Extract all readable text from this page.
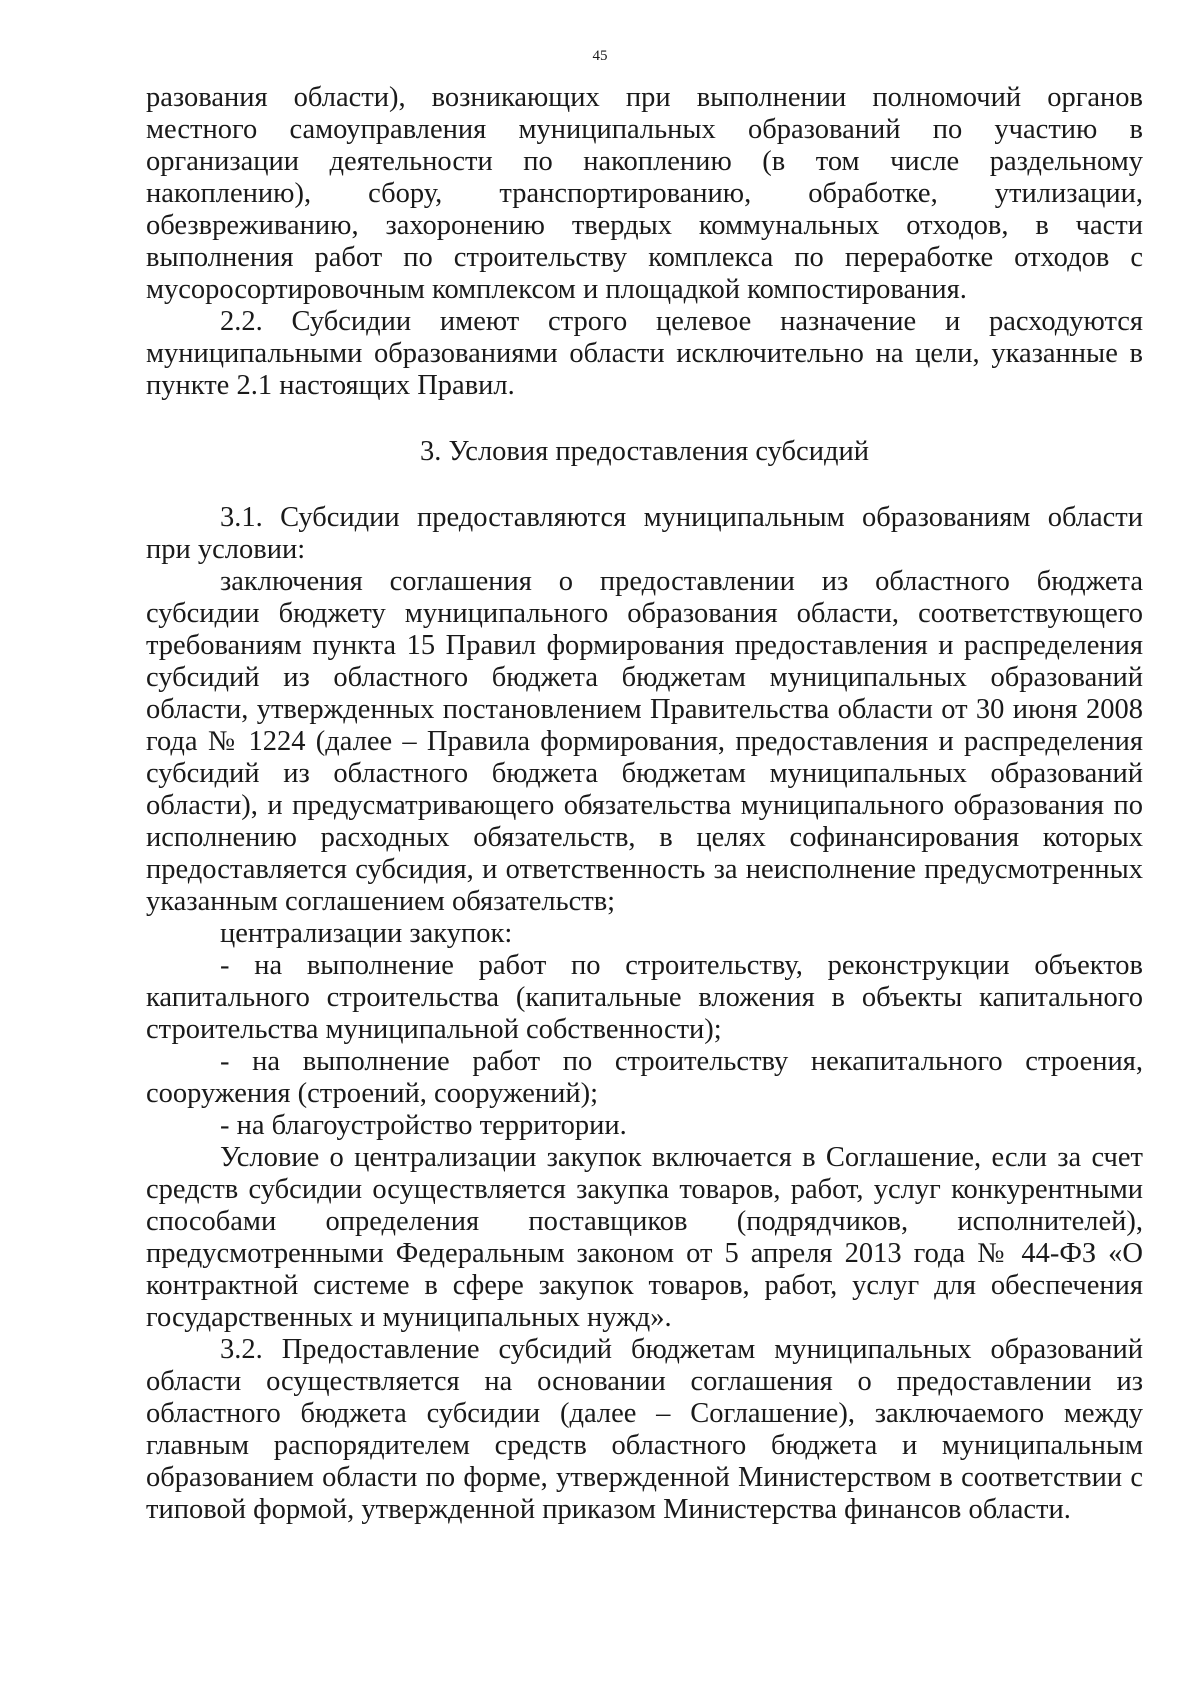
45

разования области), возникающих при выполнении полномочий органов местного самоуправления муниципальных образований по участию в организации деятельности по накоплению (в том числе раздельному накоплению), сбору, транспортированию, обработке, утилизации, обезвреживанию, захоронению твердых коммунальных отходов, в части выполнения работ по строительству комплекса по переработке отходов с мусоросортировочным комплексом и площадкой компостирования.

2.2. Субсидии имеют строго целевое назначение и расходуются муниципальными образованиями области исключительно на цели, указанные в пункте 2.1 настоящих Правил.

3. Условия предоставления субсидий

3.1. Субсидии предоставляются муниципальным образованиям области при условии:

заключения соглашения о предоставлении из областного бюджета субсидии бюджету муниципального образования области, соответствующего требованиям пункта 15 Правил формирования предоставления и распределения субсидий из областного бюджета бюджетам муниципальных образований области, утвержденных постановлением Правительства области от 30 июня 2008 года № 1224 (далее – Правила формирования, предоставления и распределения субсидий из областного бюджета бюджетам муниципальных образований области), и предусматривающего обязательства муниципального образования по исполнению расходных обязательств, в целях софинансирования которых предоставляется субсидия, и ответственность за неисполнение предусмотренных указанным соглашением обязательств;

централизации закупок:

- на выполнение работ по строительству, реконструкции объектов капитального строительства (капитальные вложения в объекты капитального строительства муниципальной собственности);

- на выполнение работ по строительству некапитального строения, сооружения (строений, сооружений);

- на благоустройство территории.

Условие о централизации закупок включается в Соглашение, если за счет средств субсидии осуществляется закупка товаров, работ, услуг конкурентными способами определения поставщиков (подрядчиков, исполнителей), предусмотренными Федеральным законом от 5 апреля 2013 года № 44-ФЗ «О контрактной системе в сфере закупок товаров, работ, услуг для обеспечения государственных и муниципальных нужд».

3.2. Предоставление субсидий бюджетам муниципальных образований области осуществляется на основании соглашения о предоставлении из областного бюджета субсидии (далее – Соглашение), заключаемого между главным распорядителем средств областного бюджета и муниципальным образованием области по форме, утвержденной Министерством в соответствии с типовой формой, утвержденной приказом Министерства финансов области.
